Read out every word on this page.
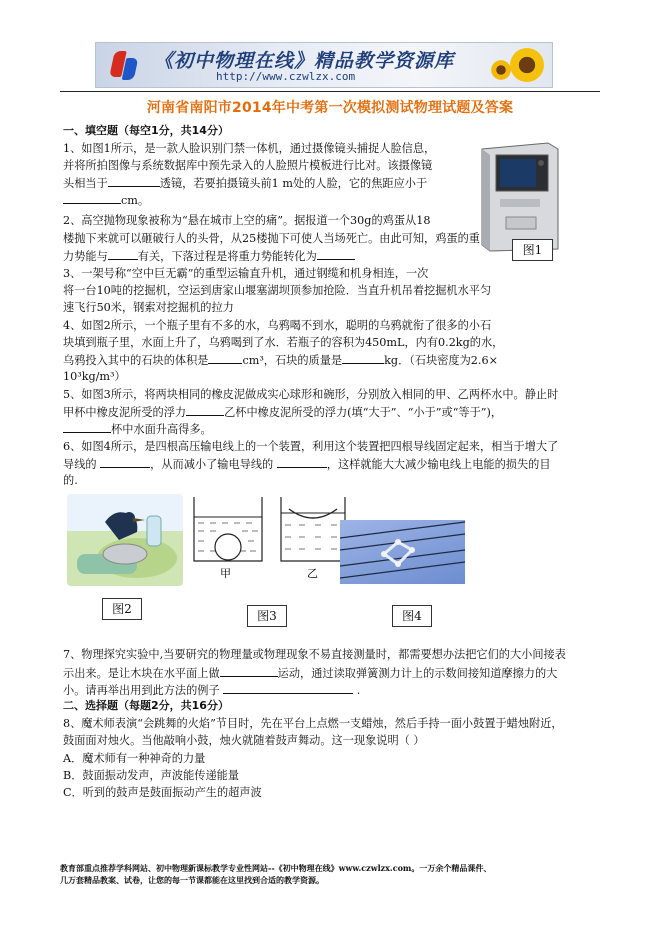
《初中物理在线》精品教学资源库
http://www.czwlzx.com
河南省南阳市2014年中考第一次模拟测试物理试题及答案
一、填空题（每空1分，共14分）
1、如图1所示，是一款人脸识别门禁一体机，通过摄像镜头捕捉人脸信息，
并将所拍图像与系统数据库中预先录入的人脸照片模板进行比对。该摄像镜
头相当于	透镜，若要拍摄镜头前1 m处的人脸，它的焦距应小于
cm。
图1
2、高空抛物现象被称为“悬在城市上空的痛”。据报道一个30g的鸡蛋从18
楼抛下来就可以砸破行人的头骨，从25楼抛下可使人当场死亡。由此可知，鸡蛋的重
力势能与	有关，下落过程是将重力势能转化为
3、一架号称“空中巨无霸”的重型运输直升机，通过钢缆和机身相连，一次
将一台10吨的挖掘机，空运到唐家山堰塞湖坝顶参加抢险．当直升机吊着挖掘机水平匀
速飞行50米，钢索对挖掘机的拉力
4、如图2所示，一个瓶子里有不多的水，乌鸦喝不到水，聪明的乌鸦就衔了很多的小石
块填到瓶子里，水面上升了，乌鸦喝到了水．若瓶子的容积为450mL，内有0.2kg的水，
乌鸦投入其中的石块的体积是	cm³，石块的质量是	kg．（石块密度为2.6×
10³kg/m³）
5、如图3所示，将两块相同的橡皮泥做成实心球形和碗形，分别放入相同的甲、乙两杯水中。静止时
甲杯中橡皮泥所受的浮力	乙杯中橡皮泥所受的浮力(填“大于”、“小于”或“等于”)，
杯中水面升高得多。
6、如图4所示，是四根高压输电线上的一个装置，利用这个装置把四根导线固定起来，相当于增大了
导线的	，从而减小了输电导线的	，这样就能大大减少输电线上电能的损失的目
的.
图2
甲	乙
图3	图4
7、物理探究实验中,当要研究的物理量或物理现象不易直接测量时，都需要想办法把它们的大小间接表
示出来。是让木块在水平面上做	运动，通过读取弹簧测力计上的示数间接知道摩擦力的大
小。请再举出用到此方法的例子	.
二、选择题（每题2分，共16分）
8、魔术师表演“会跳舞的火焰”节目时，先在平台上点燃一支蜡烛，然后手持一面小鼓置于蜡烛附近，
鼓面面对烛火。当他敲响小鼓，烛火就随着鼓声舞动。这一现象说明（ ）
A．魔术师有一种神奇的力量
B．鼓面振动发声，声波能传递能量
C．听到的鼓声是鼓面振动产生的超声波
教育部重点推荐学科网站、初中物理新课标教学专业性网站--《初中物理在线》www.czwlzx.com。一万余个精品课件、
几万套精品教案、试卷，让您的每一节课都能在这里找到合适的教学资源。
